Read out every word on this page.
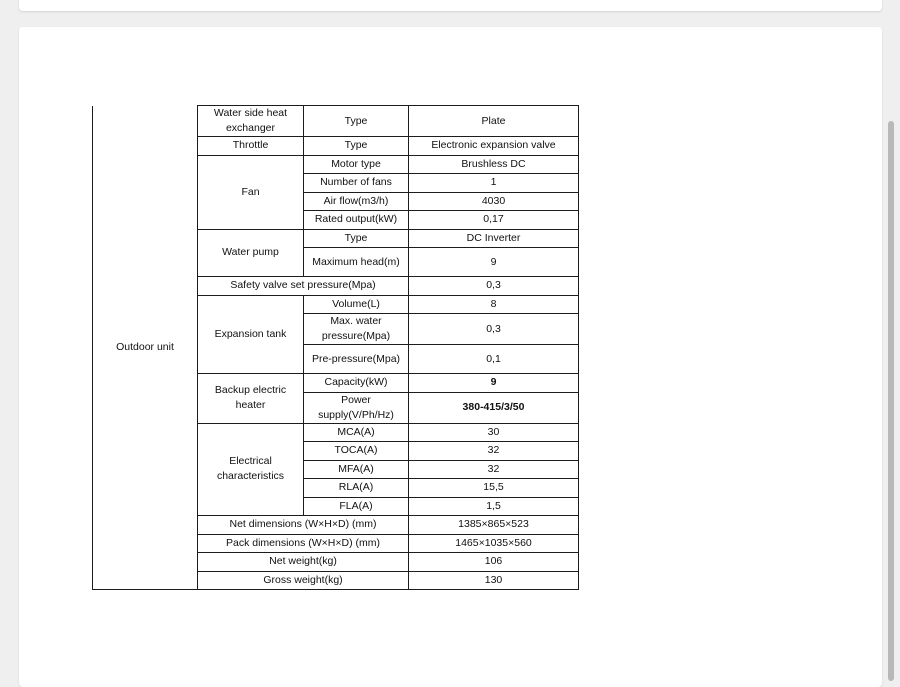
Outdoor unit	Water side heat exchanger	Type	Plate
	Throttle	Type	Electronic expansion valve
	Fan	Motor type	Brushless DC
		Number of fans	1
		Air flow(m3/h)	4030
		Rated output(kW)	0,17
	Water pump	Type	DC Inverter
		Maximum head(m)	9
	Safety valve set pressure(Mpa)		0,3
	Expansion tank	Volume(L)	8
		Max. water pressure(Mpa)	0,3
		Pre-pressure(Mpa)	0,1
	Backup electric heater	Capacity(kW)	9
		Power supply(V/Ph/Hz)	380-415/3/50
	Electrical characteristics	MCA(A)	30
		TOCA(A)	32
		MFA(A)	32
		RLA(A)	15,5
		FLA(A)	1,5
	Net dimensions (W×H×D) (mm)		1385×865×523
	Pack dimensions (W×H×D) (mm)		1465×1035×560
	Net weight(kg)		106
	Gross weight(kg)		130
